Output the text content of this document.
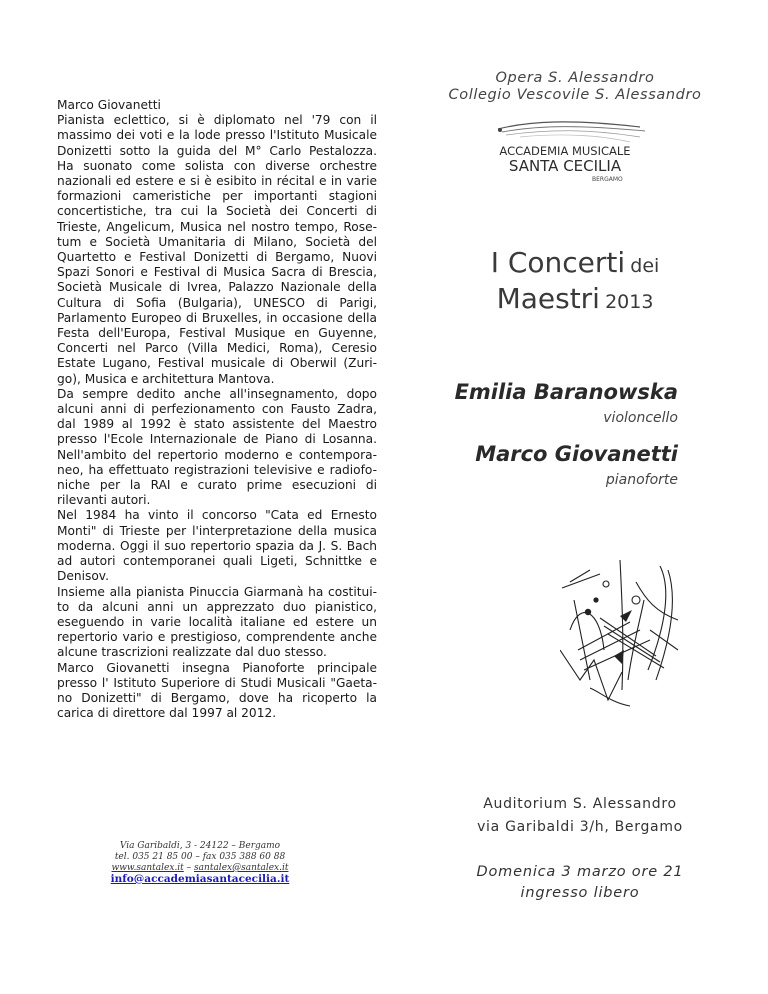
Marco Giovanetti
Pianista eclettico, si è diplomato nel '79 con il
massimo dei voti e la lode presso l'Istituto Musicale
Donizetti sotto la guida del M° Carlo Pestalozza.
Ha suonato come solista con diverse orchestre
nazionali ed estere e si è esibito in récital e in varie
formazioni cameristiche per importanti stagioni
concertistiche, tra cui la Società dei Concerti di
Trieste, Angelicum, Musica nel nostro tempo, Rose-
tum e Società Umanitaria di Milano, Società del
Quartetto e Festival Donizetti di Bergamo, Nuovi
Spazi Sonori e Festival di Musica Sacra di Brescia,
Società Musicale di Ivrea, Palazzo Nazionale della
Cultura di Sofia (Bulgaria), UNESCO di Parigi,
Parlamento Europeo di Bruxelles, in occasione della
Festa dell'Europa, Festival Musique en Guyenne,
Concerti nel Parco (Villa Medici, Roma), Ceresio
Estate Lugano, Festival musicale di Oberwil (Zuri-
go), Musica e architettura Mantova.
Da sempre dedito anche all'insegnamento, dopo
alcuni anni di perfezionamento con Fausto Zadra,
dal 1989 al 1992 è stato assistente del Maestro
presso l'Ecole Internazionale de Piano di Losanna.
Nell'ambito del repertorio moderno e contempora-
neo, ha effettuato registrazioni televisive e radiofo-
niche per la RAI e curato prime esecuzioni di
rilevanti autori.
Nel 1984 ha vinto il concorso "Cata ed Ernesto
Monti" di Trieste per l'interpretazione della musica
moderna. Oggi il suo repertorio spazia da J. S. Bach
ad autori contemporanei quali Ligeti, Schnittke e
Denisov.
Insieme alla pianista Pinuccia Giarmanà ha costitui-
to da alcuni anni un apprezzato duo pianistico,
eseguendo in varie località italiane ed estere un
repertorio vario e prestigioso, comprendente anche
alcune trascrizioni realizzate dal duo stesso.
Marco Giovanetti insegna Pianoforte principale
presso l' Istituto Superiore di Studi Musicali "Gaeta-
no Donizetti" di Bergamo, dove ha ricoperto la
carica di direttore dal 1997 al 2012.
Via Garibaldi, 3 - 24122 – Bergamo
tel. 035 21 85 00 – fax 035 388 60 88
www.santalex.it – santalex@santalex.it
info@accademiasantacecilia.it
Opera S. Alessandro
Collegio Vescovile S. Alessandro
ACCADEMIA MUSICALE
SANTA CECILIA
BERGAMO
I Concerti dei
Maestri 2013
Emilia Baranowska
violoncello
Marco Giovanetti
pianoforte
Auditorium S. Alessandro
via Garibaldi 3/h, Bergamo
Domenica 3 marzo ore 21
ingresso libero
